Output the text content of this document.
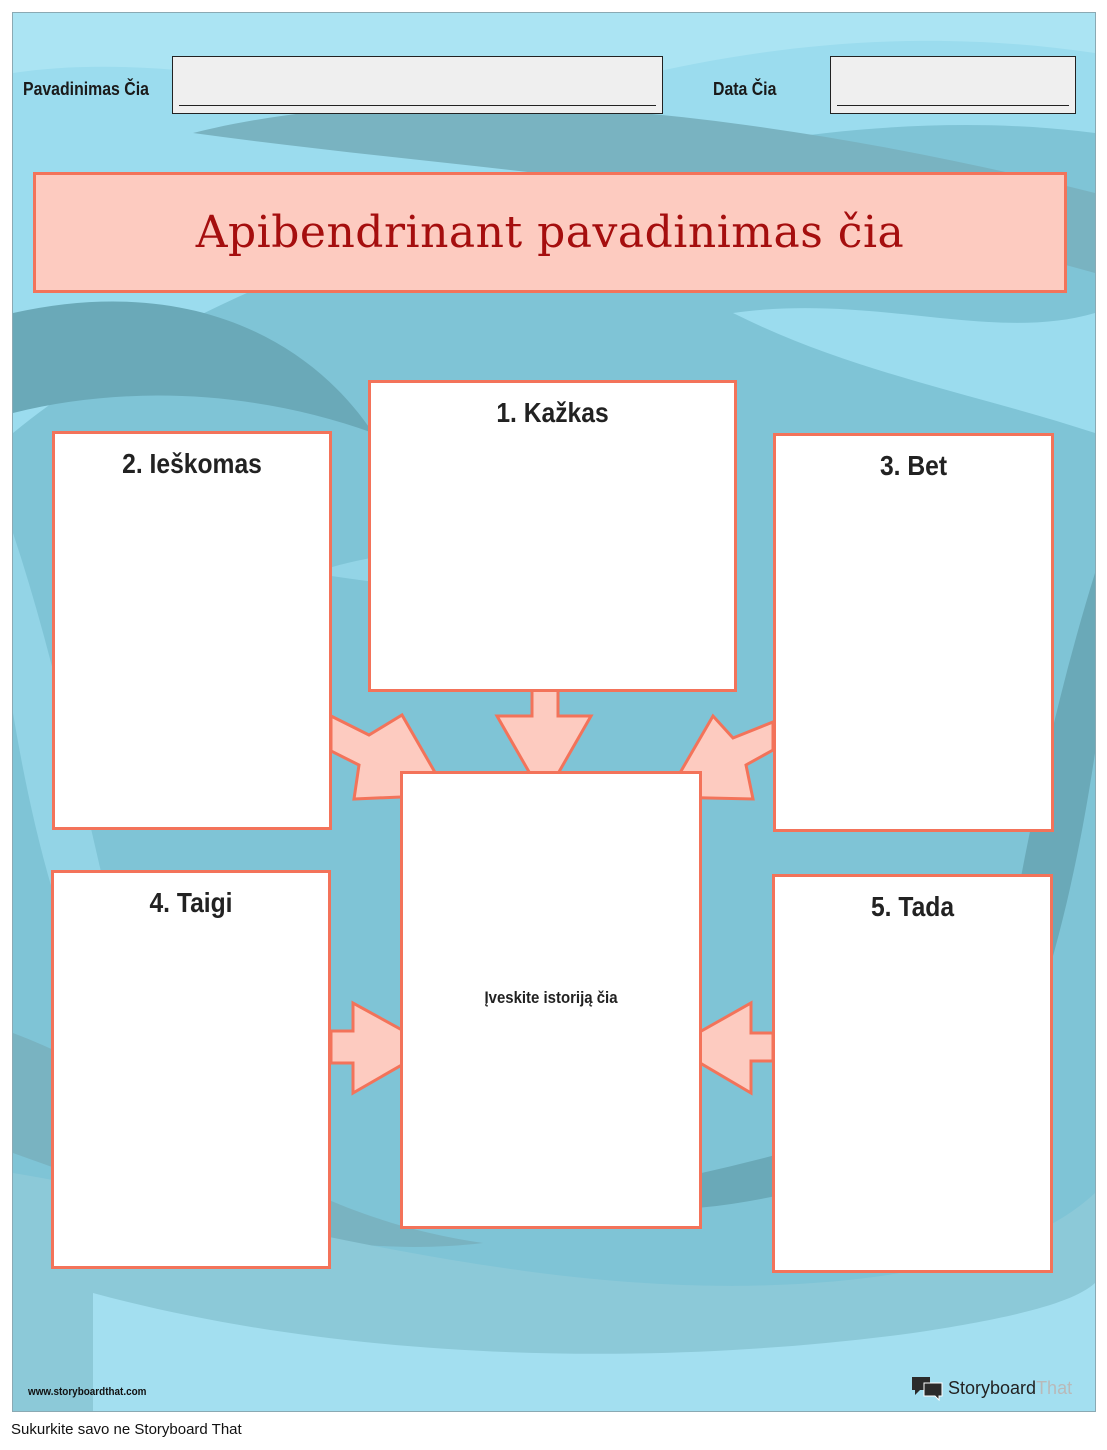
Pavadinimas Čia	Data Čia
Apibendrinant pavadinimas čia
1. Kažkas
2. Ieškomas	3. Bet
4. Taigi	5. Tada
Įveskite istoriją čia
www.storyboardthat.com	StoryboardThat
Sukurkite savo ne Storyboard That
